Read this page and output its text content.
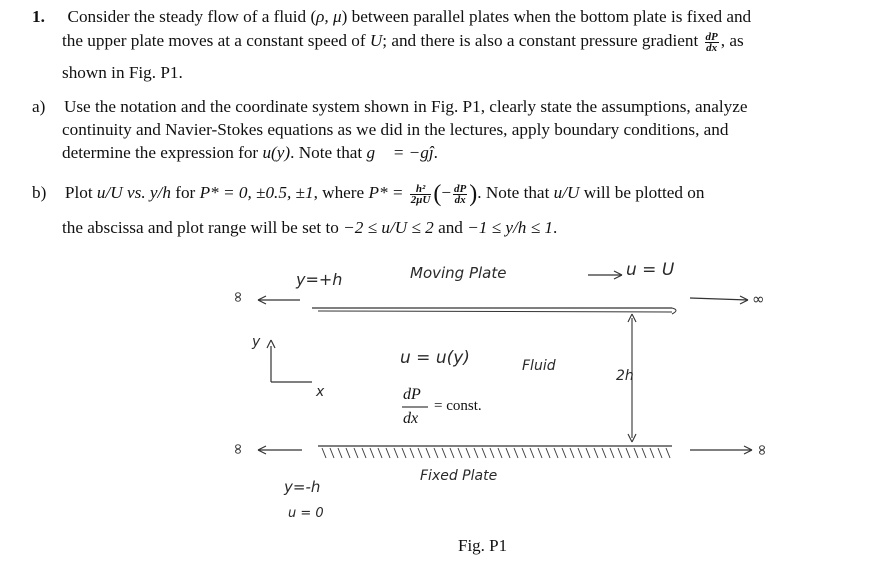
1. Consider the steady flow of a fluid (ρ, μ) between parallel plates when the bottom plate is fixed and
the upper plate moves at a constant speed of U; and there is also a constant pressure gradient $\frac{dP}{dx}$ , as
shown in Fig. P1.
a) Use the notation and the coordinate system shown in Fig. P1, clearly state the assumptions, analyze
continuity and Navier-Stokes equations as we did in the lectures, apply boundary conditions, and
determine the expression for u(y). Note that g⃗ = −gĵ.
b) Plot u/U vs. y/h for P* = 0, ±0.5, ±1, where $P* = \frac{\text{h²}}{2\mu U}$ (− $\frac{dP}{dx}$ ). Note that u/U will be plotted on
the abscissa and plot range will be set to −2 ≤ u/U ≤ 2 and −1 ≤ y/h ≤ 1.
y=+h	Moving Plate	u = U
∞	∞
∞	∞
y
x
u = u(y)	Fluid
2h
dP
dx
= const.
y=-h
u = 0
Fixed Plate
Fig. P1
